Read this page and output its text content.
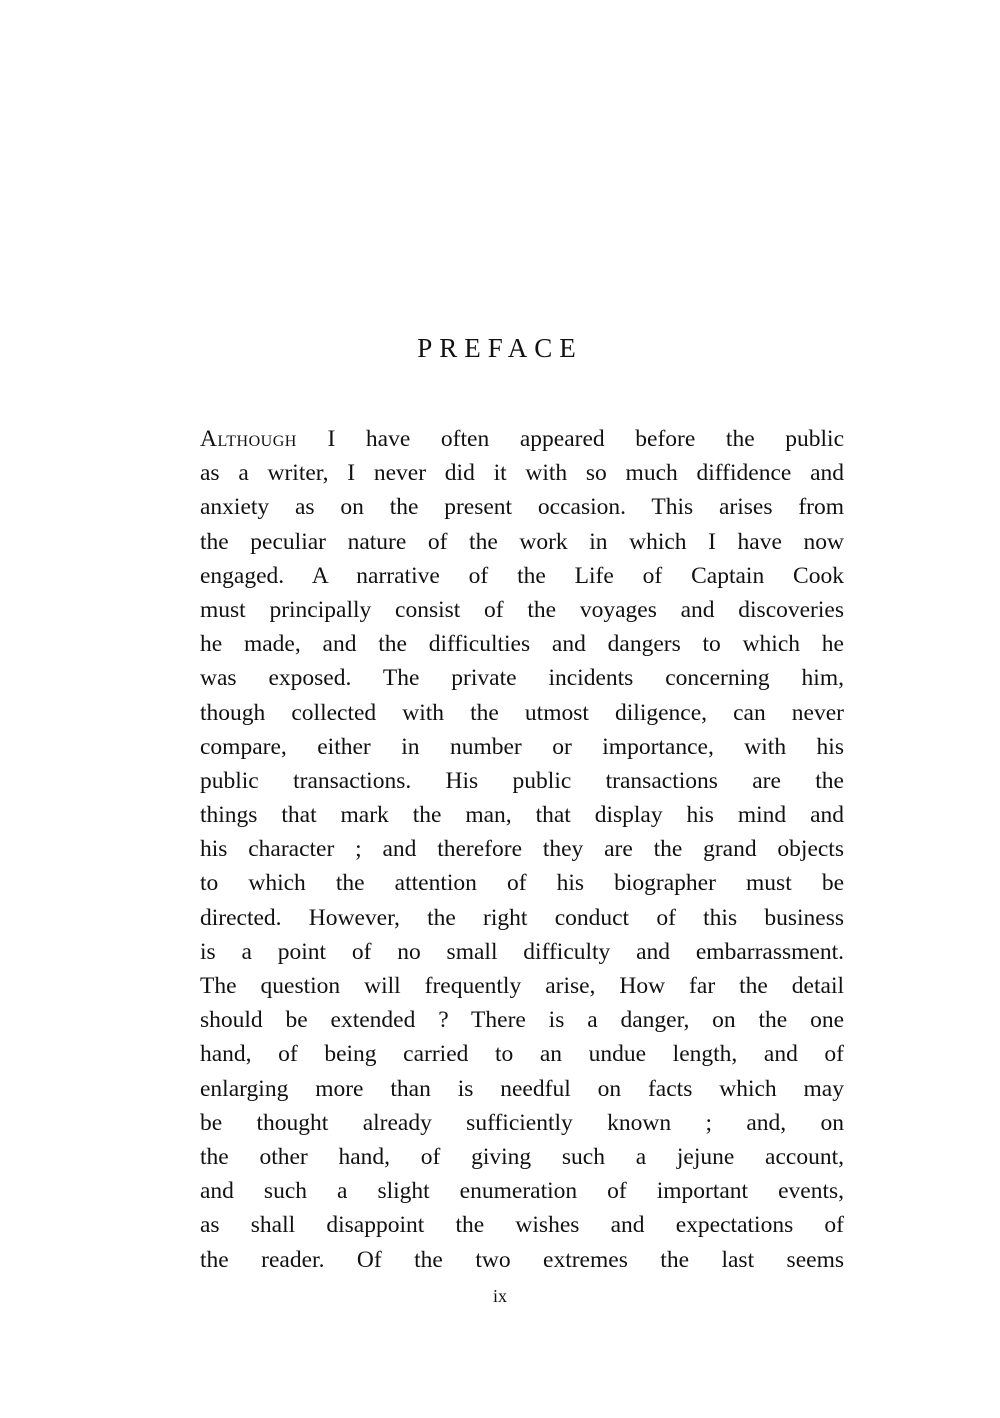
PREFACE
Although I have often appeared before the public
as a writer, I never did it with so much diffidence and
anxiety as on the present occasion. This arises from
the peculiar nature of the work in which I have now
engaged. A narrative of the Life of Captain Cook
must principally consist of the voyages and discoveries
he made, and the difficulties and dangers to which he
was exposed. The private incidents concerning him,
though collected with the utmost diligence, can never
compare, either in number or importance, with his
public transactions. His public transactions are the
things that mark the man, that display his mind and
his character ; and therefore they are the grand objects
to which the attention of his biographer must be
directed. However, the right conduct of this business
is a point of no small difficulty and embarrassment.
The question will frequently arise, How far the detail
should be extended ? There is a danger, on the one
hand, of being carried to an undue length, and of
enlarging more than is needful on facts which may
be thought already sufficiently known ; and, on
the other hand, of giving such a jejune account,
and such a slight enumeration of important events,
as shall disappoint the wishes and expectations of
the reader. Of the two extremes the last seems
ix
